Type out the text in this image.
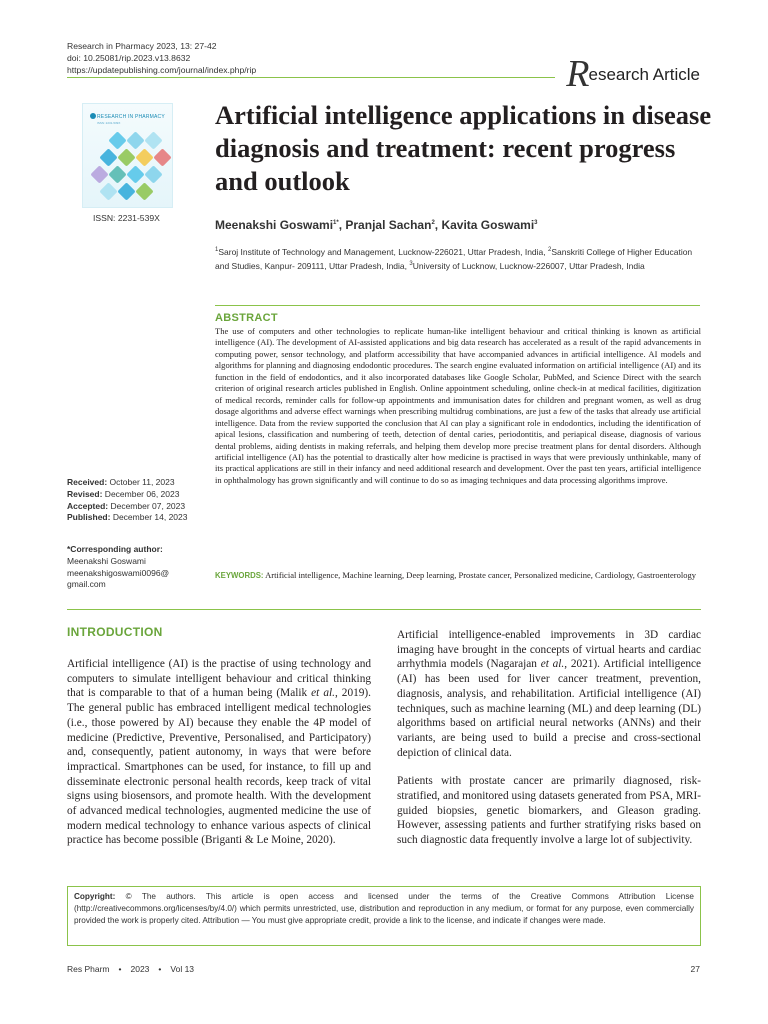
Research in Pharmacy 2023, 13: 27-42
doi: 10.25081/rip.2023.v13.8632
https://updatepublishing.com/journal/index.php/rip	Research Article
RESEARCH IN PHARMACY
ISSN: 2231-539X
ISSN: 2231-539X
Artificial intelligence applications in disease diagnosis and treatment: recent progress and outlook
Meenakshi Goswami$^{1*}$, Pranjal Sachan$^2$, Kavita Goswami$^3$
$^1$Saroj Institute of Technology and Management, Lucknow-226021, Uttar Pradesh, India, $^2$Sanskriti College of Higher Education and Studies, Kanpur- 209111, Uttar Pradesh, India, $^3$University of Lucknow, Lucknow-226007, Uttar Pradesh, India
ABSTRACT
The use of computers and other technologies to replicate human-like intelligent behaviour and critical thinking is known as artificial intelligence (AI). The development of AI-assisted applications and big data research has accelerated as a result of the rapid advancements in computing power, sensor technology, and platform accessibility that have accompanied advances in artificial intelligence. AI models and algorithms for planning and diagnosing endodontic procedures. The search engine evaluated information on artificial intelligence (AI) and its function in the field of endodontics, and it also incorporated databases like Google Scholar, PubMed, and Science Direct with the search criterion of original research articles published in English. Online appointment scheduling, online check-in at medical facilities, digitization of medical records, reminder calls for follow-up appointments and immunisation dates for children and pregnant women, as well as drug dosage algorithms and adverse effect warnings when prescribing multidrug combinations, are just a few of the tasks that already use artificial intelligence. Data from the review supported the conclusion that AI can play a significant role in endodontics, including the identification of apical lesions, classification and numbering of teeth, detection of dental caries, periodontitis, and periapical disease, diagnosis of various dental problems, aiding dentists in making referrals, and helping them develop more precise treatment plans for dental disorders. Although artificial intelligence (AI) has the potential to drastically alter how medicine is practised in ways that were previously unthinkable, many of its practical applications are still in their infancy and need additional research and development. Over the past ten years, artificial intelligence in ophthalmology has grown significantly and will continue to do so as imaging techniques and data processing algorithms improve.
KEYWORDS: Artificial intelligence, Machine learning, Deep learning, Prostate cancer, Personalized medicine, Cardiology, Gastroenterology
Received: October 11, 2023
Revised: December 06, 2023
Accepted: December 07, 2023
Published: December 14, 2023
*Corresponding author:
Meenakshi Goswami
meenakshigoswami0096@ gmail.com
INTRODUCTION

Artificial intelligence (AI) is the practise of using technology and computers to simulate intelligent behaviour and critical thinking that is comparable to that of a human being (Malik et al., 2019). The general public has embraced intelligent medical technologies (i.e., those powered by AI) because they enable the 4P model of medicine (Predictive, Preventive, Personalised, and Participatory) and, consequently, patient autonomy, in ways that were before impractical. Smartphones can be used, for instance, to fill up and disseminate electronic personal health records, keep track of vital signs using biosensors, and promote health. With the development of advanced medical technologies, augmented medicine the use of modern medical technology to enhance various aspects of clinical practice has become possible (Briganti & Le Moine, 2020).

Artificial intelligence-enabled improvements in 3D cardiac imaging have brought in the concepts of virtual hearts and cardiac arrhythmia models (Nagarajan et al., 2021). Artificial intelligence (AI) has been used for liver cancer treatment, prevention, diagnosis, analysis, and rehabilitation. Artificial intelligence (AI) techniques, such as machine learning (ML) and deep learning (DL) algorithms based on artificial neural networks (ANNs) and their variants, are being used to build a precise and cross-sectional depiction of clinical data.

Patients with prostate cancer are primarily diagnosed, risk-stratified, and monitored using datasets generated from PSA, MRI-guided biopsies, genetic biomarkers, and Gleason grading. However, assessing patients and further stratifying risks based on such diagnostic data frequently involve a large lot of subjectivity.

Copyright: © The authors. This article is open access and licensed under the terms of the Creative Commons Attribution License (http://creativecommons.org/licenses/by/4.0/) which permits unrestricted, use, distribution and reproduction in any medium, or format for any purpose, even commercially provided the work is properly cited. Attribution — You must give appropriate credit, provide a link to the license, and indicate if changes were made.
Res Pharm • 2023 • Vol 13	27
